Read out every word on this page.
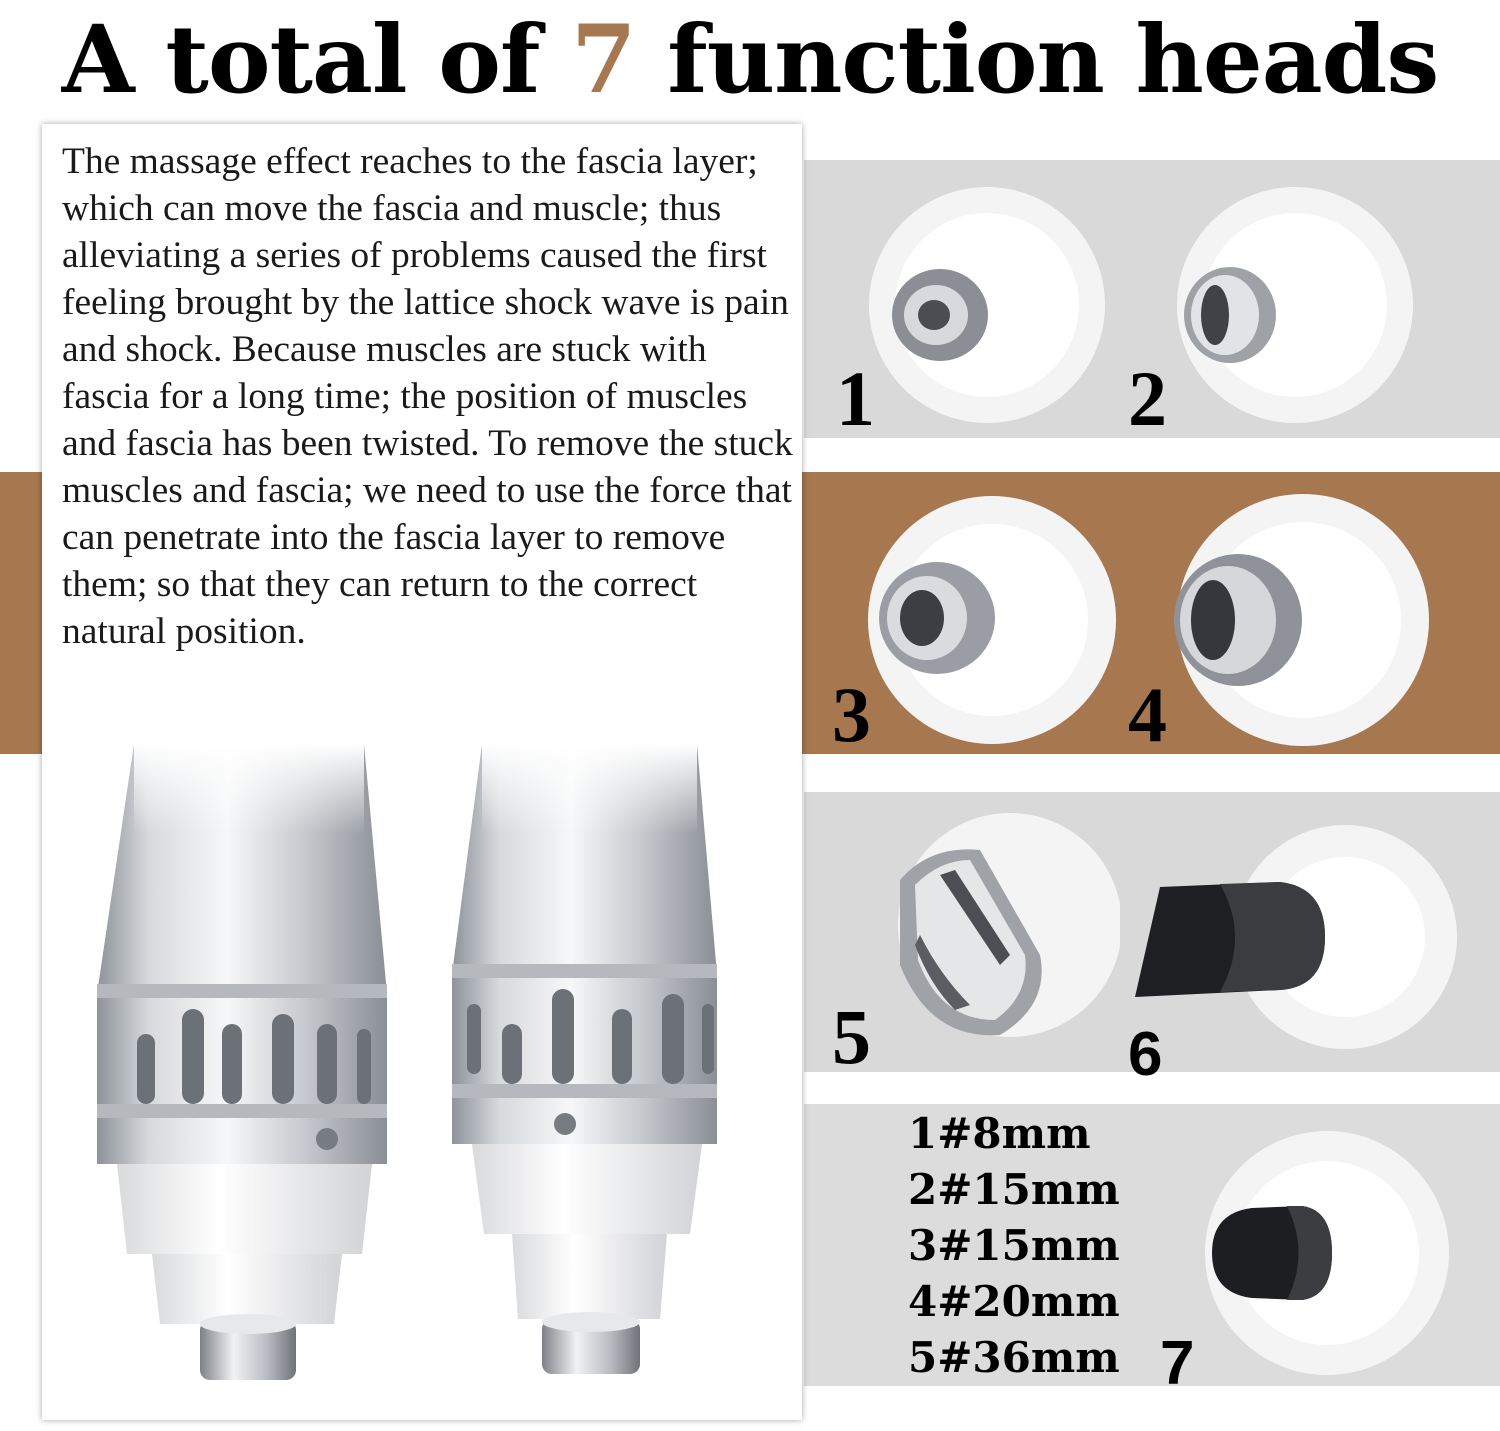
A total of 7 function heads

The massage effect reaches to the fascia layer; which can move the fascia and muscle; thus alleviating a series of problems caused the first feeling brought by the lattice shock wave is pain and shock. Because muscles are stuck with fascia for a long time; the position of muscles and fascia has been twisted. To remove the stuck muscles and fascia; we need to use the force that can penetrate into the fascia layer to remove them; so that they can return to the correct natural position.

1	2
3	4
5	6
1#8mm
2#15mm
3#15mm
4#20mm
5#36mm 7
